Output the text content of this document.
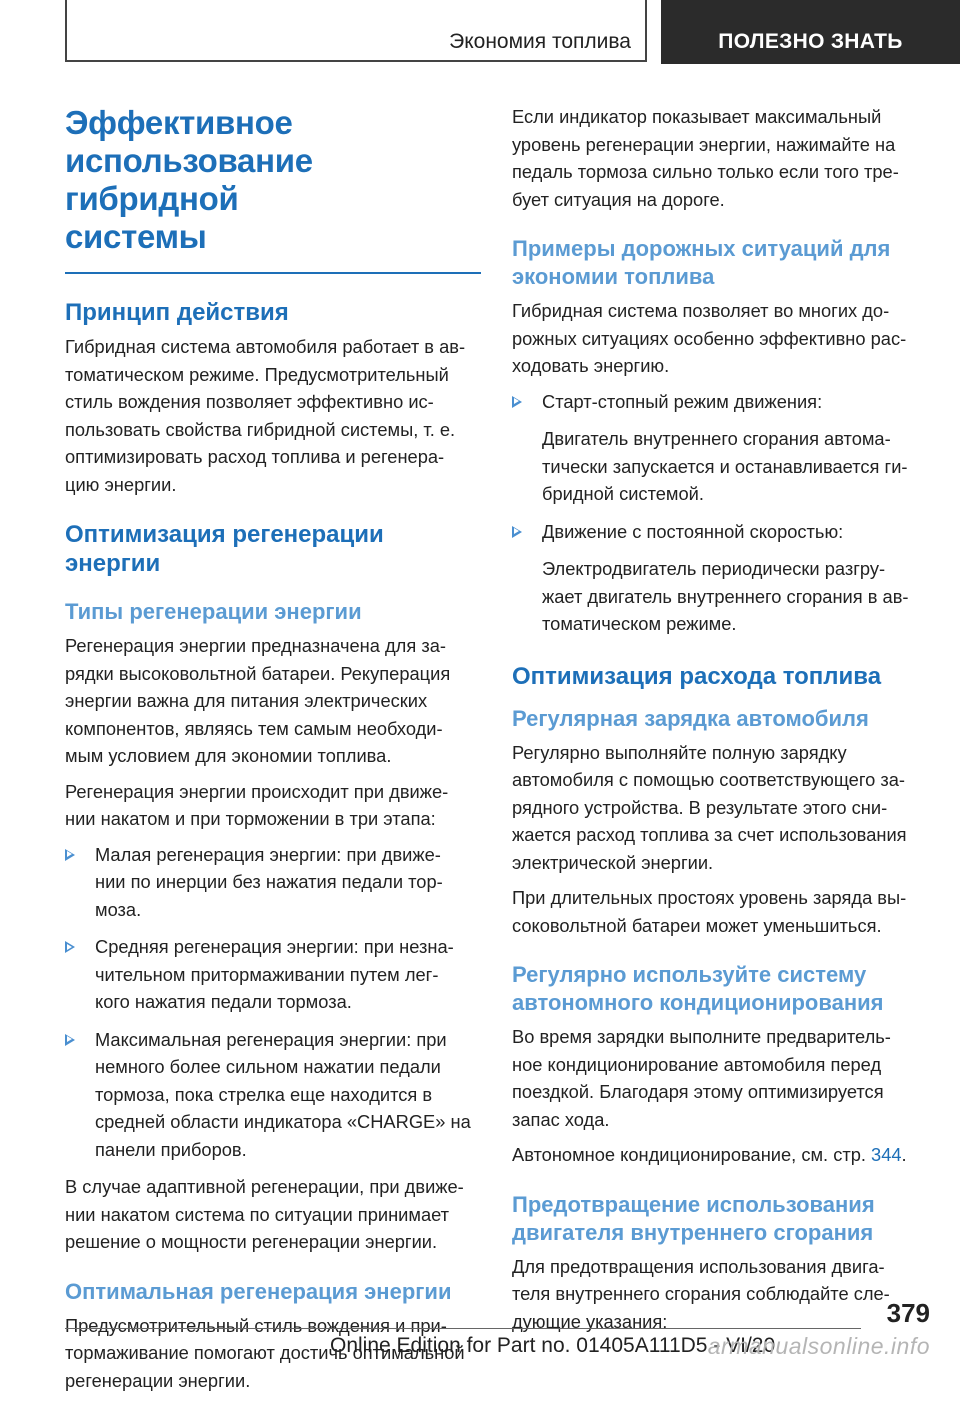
Экономия топлива	ПОЛЕЗНО ЗНАТЬ
Эффективное
использование гибридной
системы
Принцип действия
Гибридная система автомобиля работает в ав-
томатическом режиме. Предусмотрительный
стиль вождения позволяет эффективно ис-
пользовать свойства гибридной системы, т. е.
оптимизировать расход топлива и регенера-
цию энергии.
Оптимизация регенерации
энергии
Типы регенерации энергии
Регенерация энергии предназначена для за-
рядки высоковольтной батареи. Рекуперация
энергии важна для питания электрических
компонентов, являясь тем самым необходи-
мым условием для экономии топлива.
Регенерация энергии происходит при движе-
нии накатом и при торможении в три этапа:
Малая регенерация энергии: при движе-
нии по инерции без нажатия педали тор-
моза.
Средняя регенерация энергии: при незна-
чительном притормаживании путем лег-
кого нажатия педали тормоза.
Максимальная регенерация энергии: при
немного более сильном нажатии педали
тормоза, пока стрелка еще находится в
средней области индикатора «CHARGE» на
панели приборов.
В случае адаптивной регенерации, при движе-
нии накатом система по ситуации принимает
решение о мощности регенерации энергии.
Оптимальная регенерация энергии
Предусмотрительный стиль вождения и при-
тормаживание помогают достичь оптимальной
регенерации энергии.
Если индикатор показывает максимальный
уровень регенерации энергии, нажимайте на
педаль тормоза сильно только если того тре-
бует ситуация на дороге.
Примеры дорожных ситуаций для
экономии топлива
Гибридная система позволяет во многих до-
рожных ситуациях особенно эффективно рас-
ходовать энергию.
Старт-стопный режим движения:
Двигатель внутреннего сгорания автома-
тически запускается и останавливается ги-
бридной системой.
Движение с постоянной скоростью:
Электродвигатель периодически разгру-
жает двигатель внутреннего сгорания в ав-
томатическом режиме.
Оптимизация расхода топлива
Регулярная зарядка автомобиля
Регулярно выполняйте полную зарядку
автомобиля с помощью соответствующего за-
рядного устройства. В результате этого сни-
жается расход топлива за счет использования
электрической энергии.
При длительных простоях уровень заряда вы-
соковольтной батареи может уменьшиться.
Регулярно используйте систему
автономного кондиционирования
Во время зарядки выполните предваритель-
ное кондиционирование автомобиля перед
поездкой. Благодаря этому оптимизируется
запас хода.
Автономное кондиционирование, см. стр. 344.
Предотвращение использования
двигателя внутреннего сгорания
Для предотвращения использования двига-
теля внутреннего сгорания соблюдайте сле-
дующие указания:	379
Online Edition for Part no. 01405A111D5 - VI/20
armanualsonline.info
